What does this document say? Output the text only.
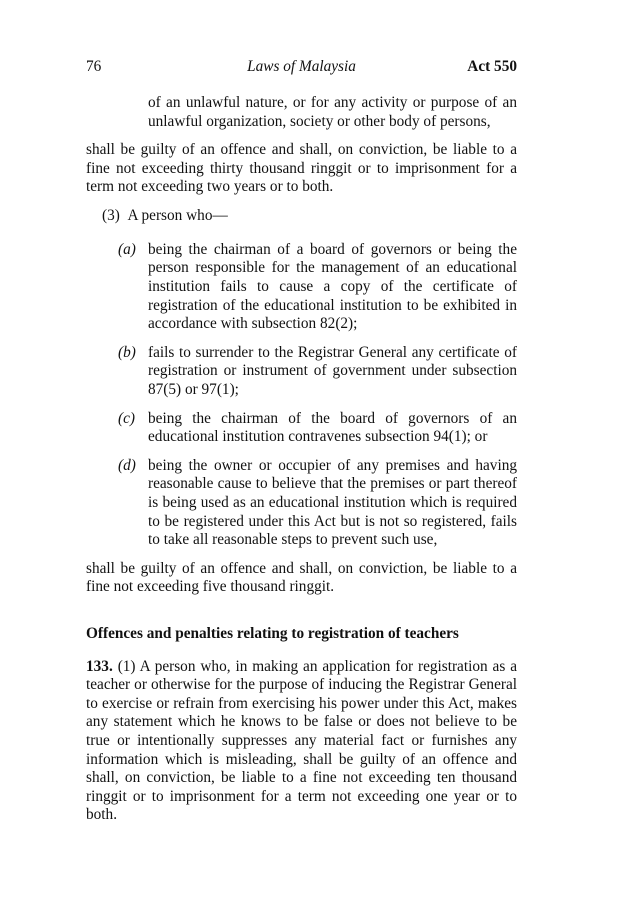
76	Laws of Malaysia	Act 550

of an unlawful nature, or for any activity or purpose of an unlawful organization, society or other body of persons,

shall be guilty of an offence and shall, on conviction, be liable to a fine not exceeding thirty thousand ringgit or to imprisonment for a term not exceeding two years or to both.

(3) A person who—

(a) being the chairman of a board of governors or being the person responsible for the management of an educational institution fails to cause a copy of the certificate of registration of the educational institution to be exhibited in accordance with subsection 82(2);

(b) fails to surrender to the Registrar General any certificate of registration or instrument of government under subsection 87(5) or 97(1);

(c) being the chairman of the board of governors of an educational institution contravenes subsection 94(1); or

(d) being the owner or occupier of any premises and having reasonable cause to believe that the premises or part thereof is being used as an educational institution which is required to be registered under this Act but is not so registered, fails to take all reasonable steps to prevent such use,

shall be guilty of an offence and shall, on conviction, be liable to a fine not exceeding five thousand ringgit.

Offences and penalties relating to registration of teachers

133. (1) A person who, in making an application for registration as a teacher or otherwise for the purpose of inducing the Registrar General to exercise or refrain from exercising his power under this Act, makes any statement which he knows to be false or does not believe to be true or intentionally suppresses any material fact or furnishes any information which is misleading, shall be guilty of an offence and shall, on conviction, be liable to a fine not exceeding ten thousand ringgit or to imprisonment for a term not exceeding one year or to both.
